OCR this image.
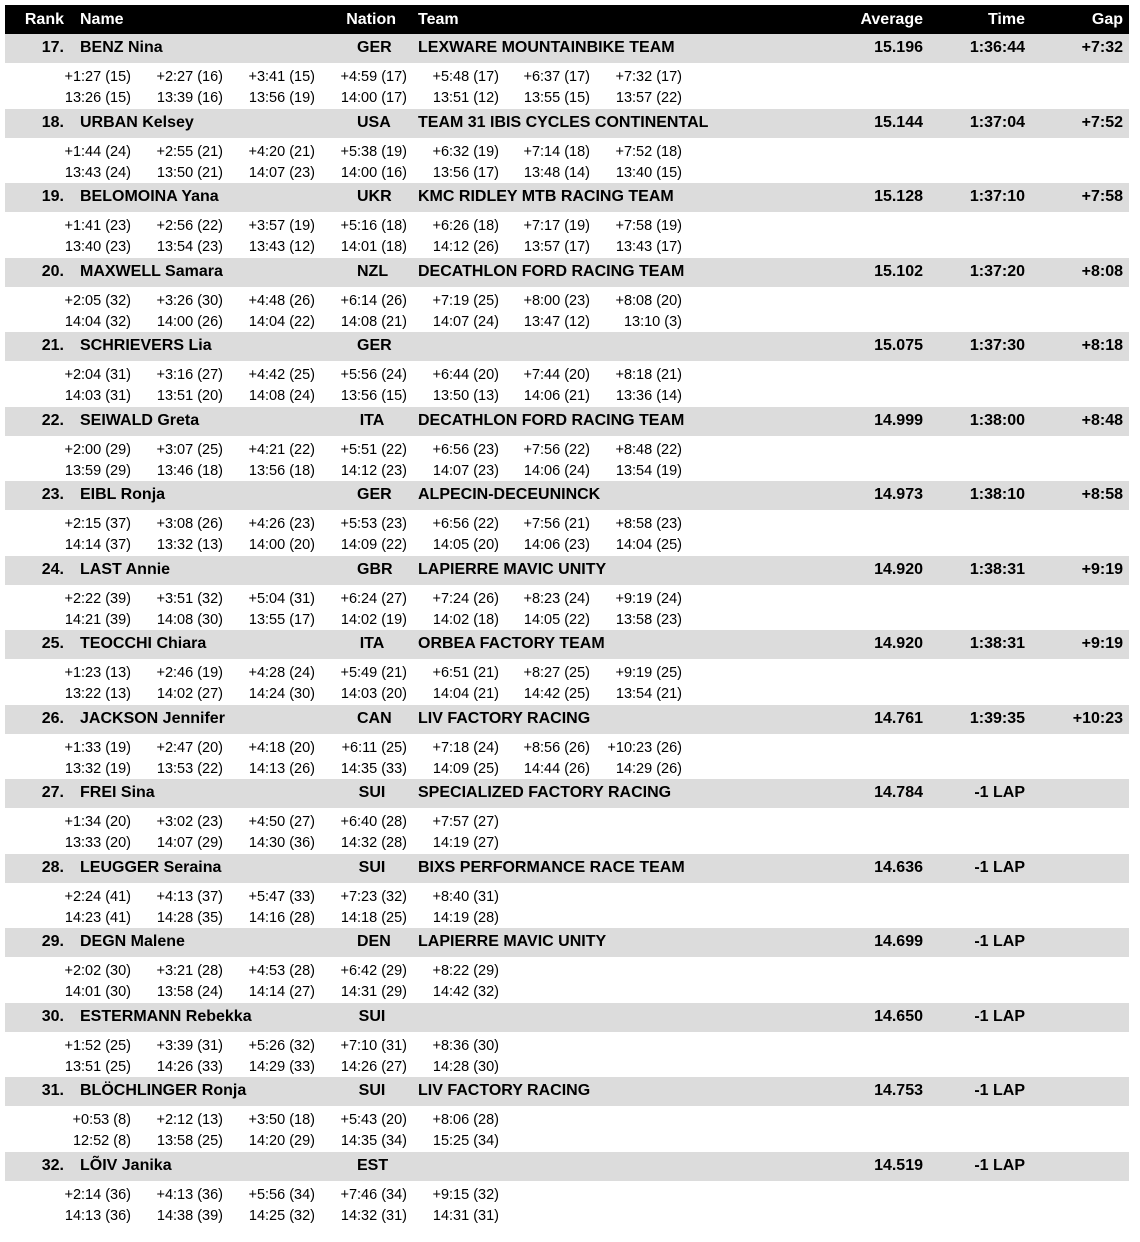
Rank Name	Nation Team	Average	Time	Gap
17. BENZ Nina	GER LEXWARE MOUNTAINBIKE TEAM	15.196	1:36:44	+7:32
+1:27 (15) +2:27 (16) +3:41 (15) +4:59 (17) +5:48 (17) +6:37 (17) +7:32 (17)
13:26 (15) 13:39 (16) 13:56 (19) 14:00 (17) 13:51 (12) 13:55 (15) 13:57 (22)
18. URBAN Kelsey	USA TEAM 31 IBIS CYCLES CONTINENTAL	15.144	1:37:04	+7:52
+1:44 (24) +2:55 (21) +4:20 (21) +5:38 (19) +6:32 (19) +7:14 (18) +7:52 (18)
13:43 (24) 13:50 (21) 14:07 (23) 14:00 (16) 13:56 (17) 13:48 (14) 13:40 (15)
19. BELOMOINA Yana	UKR KMC RIDLEY MTB RACING TEAM	15.128	1:37:10	+7:58
+1:41 (23) +2:56 (22) +3:57 (19) +5:16 (18) +6:26 (18) +7:17 (19) +7:58 (19)
13:40 (23) 13:54 (23) 13:43 (12) 14:01 (18) 14:12 (26) 13:57 (17) 13:43 (17)
20. MAXWELL Samara	NZL DECATHLON FORD RACING TEAM	15.102	1:37:20	+8:08
+2:05 (32) +3:26 (30) +4:48 (26) +6:14 (26) +7:19 (25) +8:00 (23) +8:08 (20)
14:04 (32) 14:00 (26) 14:04 (22) 14:08 (21) 14:07 (24) 13:47 (12) 13:10 (3)
21. SCHRIEVERS Lia	GER	15.075	1:37:30	+8:18
+2:04 (31) +3:16 (27) +4:42 (25) +5:56 (24) +6:44 (20) +7:44 (20) +8:18 (21)
14:03 (31) 13:51 (20) 14:08 (24) 13:56 (15) 13:50 (13) 14:06 (21) 13:36 (14)
22. SEIWALD Greta	ITA DECATHLON FORD RACING TEAM	14.999	1:38:00	+8:48
+2:00 (29) +3:07 (25) +4:21 (22) +5:51 (22) +6:56 (23) +7:56 (22) +8:48 (22)
13:59 (29) 13:46 (18) 13:56 (18) 14:12 (23) 14:07 (23) 14:06 (24) 13:54 (19)
23. EIBL Ronja	GER ALPECIN-DECEUNINCK	14.973	1:38:10	+8:58
+2:15 (37) +3:08 (26) +4:26 (23) +5:53 (23) +6:56 (22) +7:56 (21) +8:58 (23)
14:14 (37) 13:32 (13) 14:00 (20) 14:09 (22) 14:05 (20) 14:06 (23) 14:04 (25)
24. LAST Annie	GBR LAPIERRE MAVIC UNITY	14.920	1:38:31	+9:19
+2:22 (39) +3:51 (32) +5:04 (31) +6:24 (27) +7:24 (26) +8:23 (24) +9:19 (24)
14:21 (39) 14:08 (30) 13:55 (17) 14:02 (19) 14:02 (18) 14:05 (22) 13:58 (23)
25. TEOCCHI Chiara	ITA ORBEA FACTORY TEAM	14.920	1:38:31	+9:19
+1:23 (13) +2:46 (19) +4:28 (24) +5:49 (21) +6:51 (21) +8:27 (25) +9:19 (25)
13:22 (13) 14:02 (27) 14:24 (30) 14:03 (20) 14:04 (21) 14:42 (25) 13:54 (21)
26. JACKSON Jennifer	CAN LIV FACTORY RACING	14.761	1:39:35	+10:23
+1:33 (19) +2:47 (20) +4:18 (20) +6:11 (25) +7:18 (24) +8:56 (26) +10:23 (26)
13:32 (19) 13:53 (22) 14:13 (26) 14:35 (33) 14:09 (25) 14:44 (26) 14:29 (26)
27. FREI Sina	SUI SPECIALIZED FACTORY RACING	14.784	-1 LAP
+1:34 (20) +3:02 (23) +4:50 (27) +6:40 (28) +7:57 (27)
13:33 (20) 14:07 (29) 14:30 (36) 14:32 (28) 14:19 (27)
28. LEUGGER Seraina	SUI BIXS PERFORMANCE RACE TEAM	14.636	-1 LAP
+2:24 (41) +4:13 (37) +5:47 (33) +7:23 (32) +8:40 (31)
14:23 (41) 14:28 (35) 14:16 (28) 14:18 (25) 14:19 (28)
29. DEGN Malene	DEN LAPIERRE MAVIC UNITY	14.699	-1 LAP
+2:02 (30) +3:21 (28) +4:53 (28) +6:42 (29) +8:22 (29)
14:01 (30) 13:58 (24) 14:14 (27) 14:31 (29) 14:42 (32)
30. ESTERMANN Rebekka	SUI	14.650	-1 LAP
+1:52 (25) +3:39 (31) +5:26 (32) +7:10 (31) +8:36 (30)
13:51 (25) 14:26 (33) 14:29 (33) 14:26 (27) 14:28 (30)
31. BLÖCHLINGER Ronja	SUI LIV FACTORY RACING	14.753	-1 LAP
+0:53 (8) +2:12 (13) +3:50 (18) +5:43 (20) +8:06 (28)
12:52 (8) 13:58 (25) 14:20 (29) 14:35 (34) 15:25 (34)
32. LÕIV Janika	EST	14.519	-1 LAP
+2:14 (36) +4:13 (36) +5:56 (34) +7:46 (34) +9:15 (32)
14:13 (36) 14:38 (39) 14:25 (32) 14:32 (31) 14:31 (31)
